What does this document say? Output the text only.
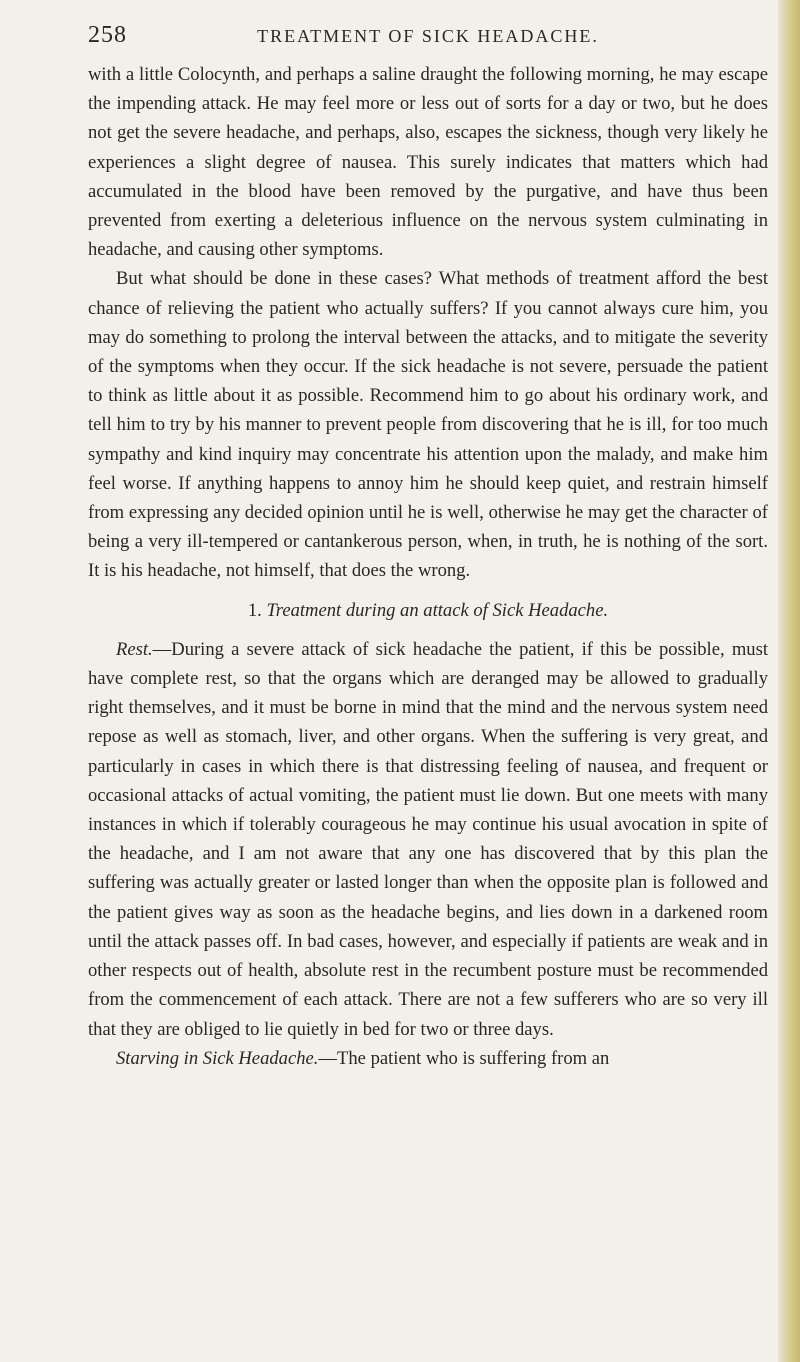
258	TREATMENT OF SICK HEADACHE.

with a little Colocynth, and perhaps a saline draught the following morning, he may escape the impending attack. He may feel more or less out of sorts for a day or two, but he does not get the severe headache, and perhaps, also, escapes the sickness, though very likely he experiences a slight degree of nausea. This surely indicates that matters which had accumulated in the blood have been removed by the purgative, and have thus been prevented from exerting a deleterious influence on the nervous system culminating in headache, and causing other symptoms.

But what should be done in these cases? What methods of treatment afford the best chance of relieving the patient who actually suffers? If you cannot always cure him, you may do something to prolong the interval between the attacks, and to mitigate the severity of the symptoms when they occur. If the sick headache is not severe, persuade the patient to think as little about it as possible. Recommend him to go about his ordinary work, and tell him to try by his manner to prevent people from discovering that he is ill, for too much sympathy and kind inquiry may concentrate his attention upon the malady, and make him feel worse. If anything happens to annoy him he should keep quiet, and restrain himself from expressing any decided opinion until he is well, otherwise he may get the character of being a very ill-tempered or cantankerous person, when, in truth, he is nothing of the sort. It is his headache, not himself, that does the wrong.

1. Treatment during an attack of Sick Headache.

Rest.—During a severe attack of sick headache the patient, if this be possible, must have complete rest, so that the organs which are deranged may be allowed to gradually right themselves, and it must be borne in mind that the mind and the nervous system need repose as well as stomach, liver, and other organs. When the suffering is very great, and particularly in cases in which there is that distressing feeling of nausea, and frequent or occasional attacks of actual vomiting, the patient must lie down. But one meets with many instances in which if tolerably courageous he may continue his usual avocation in spite of the headache, and I am not aware that any one has discovered that by this plan the suffering was actually greater or lasted longer than when the opposite plan is followed and the patient gives way as soon as the headache begins, and lies down in a darkened room until the attack passes off. In bad cases, however, and especially if patients are weak and in other respects out of health, absolute rest in the recumbent posture must be recommended from the commencement of each attack. There are not a few sufferers who are so very ill that they are obliged to lie quietly in bed for two or three days.

Starving in Sick Headache.—The patient who is suffering from an
